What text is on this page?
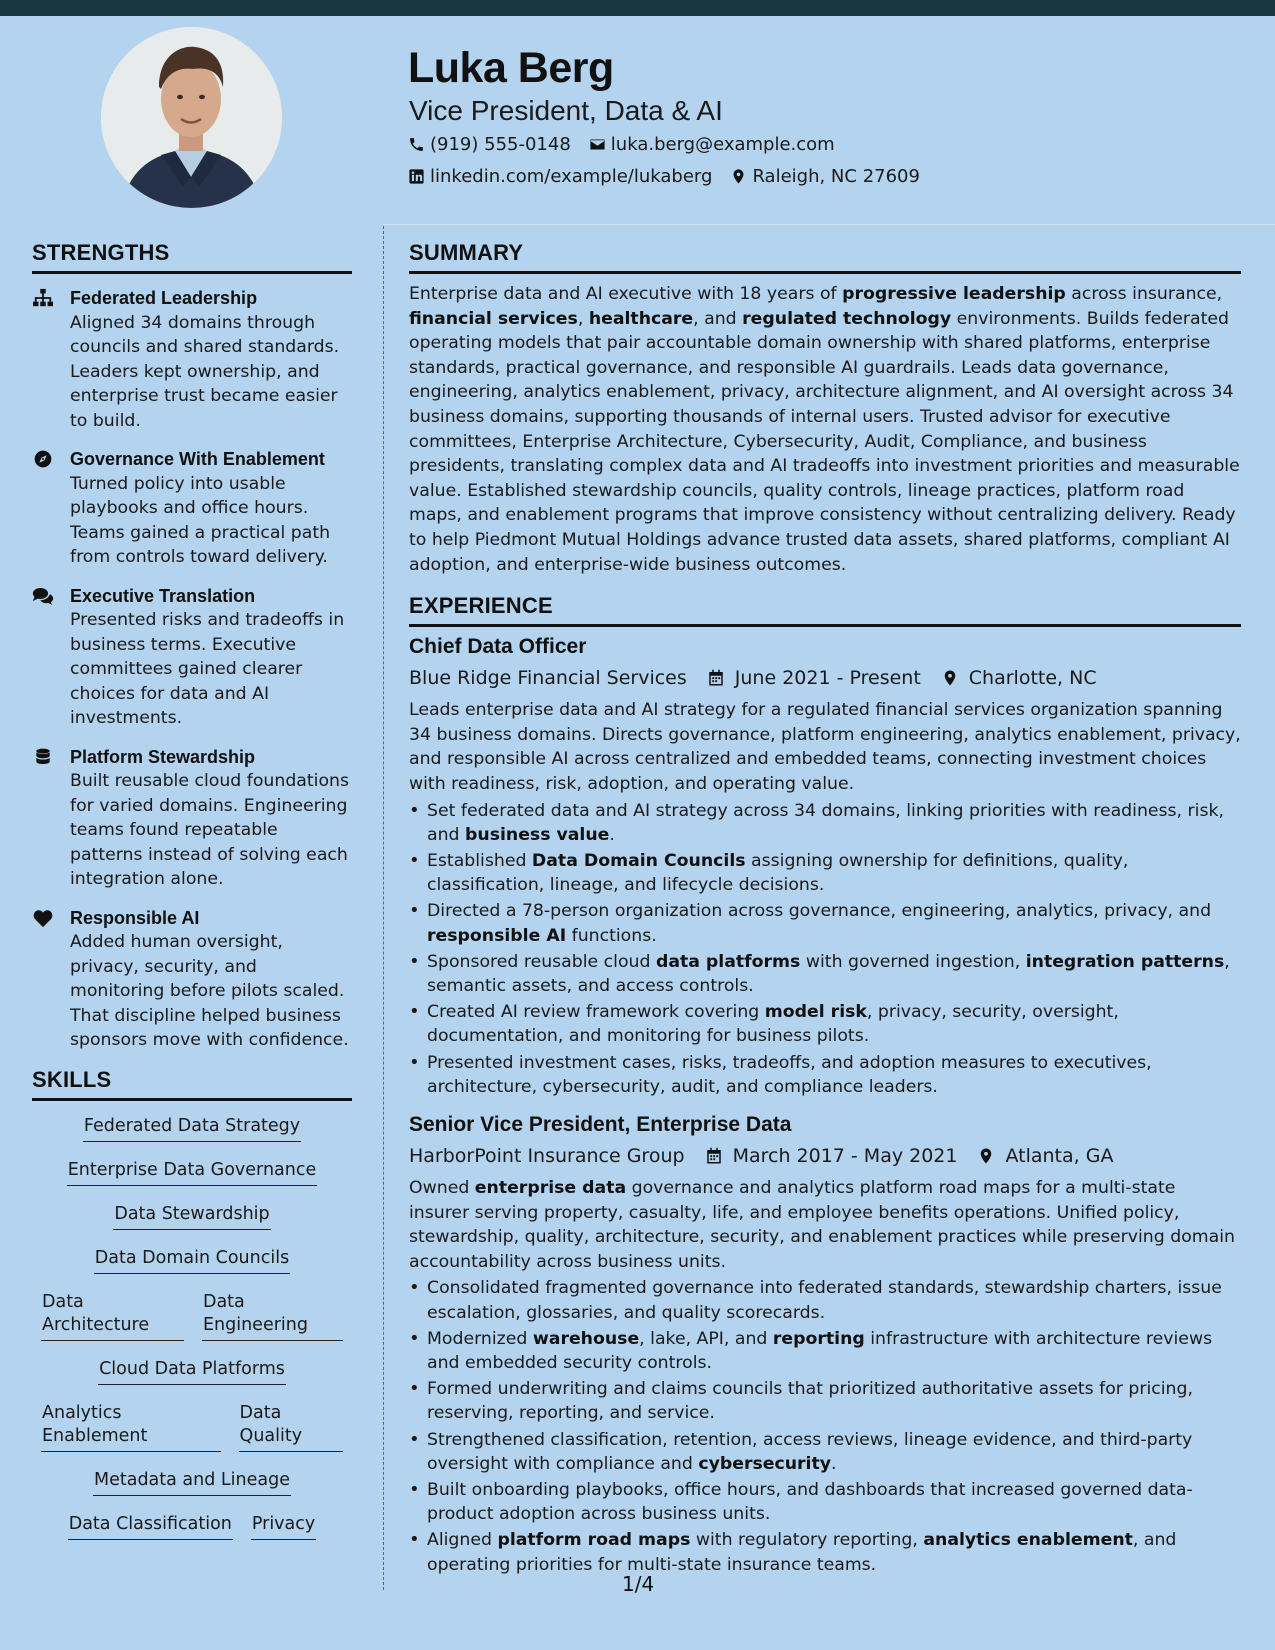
Luka Berg
Vice President, Data & AI
(919) 555-0148 luka.berg@example.com
linkedin.com/example/lukaberg Raleigh, NC 27609
STRENGTHS
Federated Leadership
Aligned 34 domains through councils and shared standards. Leaders kept ownership, and enterprise trust became easier to build.
Governance With Enablement
Turned policy into usable playbooks and office hours. Teams gained a practical path from controls toward delivery.
Executive Translation
Presented risks and tradeoffs in business terms. Executive committees gained clearer choices for data and AI investments.
Platform Stewardship
Built reusable cloud foundations for varied domains. Engineering teams found repeatable patterns instead of solving each integration alone.
Responsible AI
Added human oversight, privacy, security, and monitoring before pilots scaled. That discipline helped business sponsors move with confidence.
SKILLS
Federated Data Strategy
Enterprise Data Governance
Data Stewardship
Data Domain Councils
Data Architecture
Data Engineering
Cloud Data Platforms
Analytics Enablement
Data Quality
Metadata and Lineage
Data Classification Privacy
SUMMARY

Enterprise data and AI executive with 18 years of progressive leadership across insurance, financial services, healthcare, and regulated technology environments. Builds federated operating models that pair accountable domain ownership with shared platforms, enterprise standards, practical governance, and responsible AI guardrails. Leads data governance, engineering, analytics enablement, privacy, architecture alignment, and AI oversight across 34 business domains, supporting thousands of internal users. Trusted advisor for executive committees, Enterprise Architecture, Cybersecurity, Audit, Compliance, and business presidents, translating complex data and AI tradeoffs into investment priorities and measurable value. Established stewardship councils, quality controls, lineage practices, platform road maps, and enablement programs that improve consistency without centralizing delivery. Ready to help Piedmont Mutual Holdings advance trusted data assets, shared platforms, compliant AI adoption, and enterprise-wide business outcomes.

EXPERIENCE
Chief Data Officer
Blue Ridge Financial Services	June 2021 - Present	Charlotte, NC

Leads enterprise data and AI strategy for a regulated financial services organization spanning 34 business domains. Directs governance, platform engineering, analytics enablement, privacy, and responsible AI across centralized and embedded teams, connecting investment choices with readiness, risk, adoption, and operating value.

• Set federated data and AI strategy across 34 domains, linking priorities with readiness, risk, and business value.
• Established Data Domain Councils assigning ownership for definitions, quality, classification, lineage, and lifecycle decisions.
• Directed a 78-person organization across governance, engineering, analytics, privacy, and responsible AI functions.
• Sponsored reusable cloud data platforms with governed ingestion, integration patterns, semantic assets, and access controls.
• Created AI review framework covering model risk, privacy, security, oversight, documentation, and monitoring for business pilots.
• Presented investment cases, risks, tradeoffs, and adoption measures to executives, architecture, cybersecurity, audit, and compliance leaders.
Senior Vice President, Enterprise Data
HarborPoint Insurance Group	March 2017 - May 2021	Atlanta, GA

Owned enterprise data governance and analytics platform road maps for a multi-state insurer serving property, casualty, life, and employee benefits operations. Unified policy, stewardship, quality, architecture, security, and enablement practices while preserving domain accountability across business units.

• Consolidated fragmented governance into federated standards, stewardship charters, issue escalation, glossaries, and quality scorecards.
• Modernized warehouse, lake, API, and reporting infrastructure with architecture reviews and embedded security controls.
• Formed underwriting and claims councils that prioritized authoritative assets for pricing, reserving, reporting, and service.
• Strengthened classification, retention, access reviews, lineage evidence, and third-party oversight with compliance and cybersecurity.
• Built onboarding playbooks, office hours, and dashboards that increased governed data-product adoption across business units.
• Aligned platform road maps with regulatory reporting, analytics enablement, and operating priorities for multi-state insurance teams.
1/4
